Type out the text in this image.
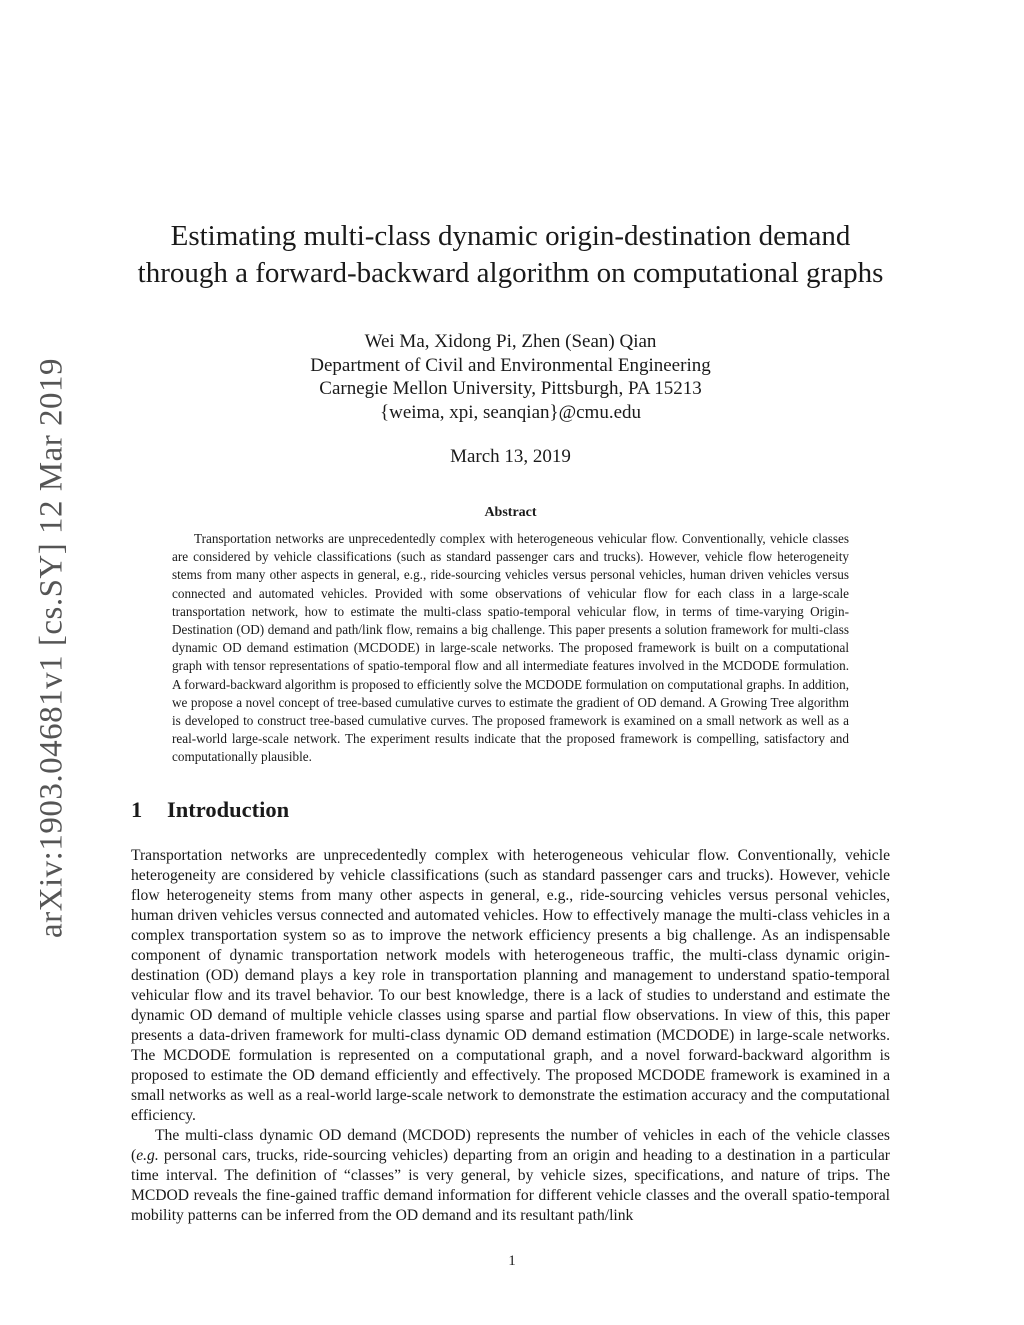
arXiv:1903.04681v1 [cs.SY] 12 Mar 2019
Estimating multi-class dynamic origin-destination demand
through a forward-backward algorithm on computational graphs
Wei Ma, Xidong Pi, Zhen (Sean) Qian
Department of Civil and Environmental Engineering
Carnegie Mellon University, Pittsburgh, PA 15213
{weima, xpi, seanqian}@cmu.edu
March 13, 2019
Abstract
Transportation networks are unprecedentedly complex with heterogeneous vehicular flow. Conventionally, vehicle classes are considered by vehicle classifications (such as standard passenger cars and trucks). However, vehicle flow heterogeneity stems from many other aspects in general, e.g., ride-sourcing vehicles versus personal vehicles, human driven vehicles versus connected and automated vehicles. Provided with some observations of vehicular flow for each class in a large-scale transportation network, how to estimate the multi-class spatio-temporal vehicular flow, in terms of time-varying Origin-Destination (OD) demand and path/link flow, remains a big challenge. This paper presents a solution framework for multi-class dynamic OD demand estimation (MCDODE) in large-scale networks. The proposed framework is built on a computational graph with tensor representations of spatio-temporal flow and all intermediate features involved in the MCDODE formulation. A forward-backward algorithm is proposed to efficiently solve the MCDODE formulation on computational graphs. In addition, we propose a novel concept of tree-based cumulative curves to estimate the gradient of OD demand. A Growing Tree algorithm is developed to construct tree-based cumulative curves. The proposed framework is examined on a small network as well as a real-world large-scale network. The experiment results indicate that the proposed framework is compelling, satisfactory and computationally plausible.
1 Introduction
Transportation networks are unprecedentedly complex with heterogeneous vehicular flow. Conventionally, vehicle heterogeneity are considered by vehicle classifications (such as standard passenger cars and trucks). However, vehicle flow heterogeneity stems from many other aspects in general, e.g., ride-sourcing vehicles versus personal vehicles, human driven vehicles versus connected and automated vehicles. How to effectively manage the multi-class vehicles in a complex transportation system so as to improve the network efficiency presents a big challenge. As an indispensable component of dynamic transportation network models with heterogeneous traffic, the multi-class dynamic origin-destination (OD) demand plays a key role in transportation planning and management to understand spatio-temporal vehicular flow and its travel behavior. To our best knowledge, there is a lack of studies to understand and estimate the dynamic OD demand of multiple vehicle classes using sparse and partial flow observations. In view of this, this paper presents a data-driven framework for multi-class dynamic OD demand estimation (MCDODE) in large-scale networks. The MCDODE formulation is represented on a computational graph, and a novel forward-backward algorithm is proposed to estimate the OD demand efficiently and effectively. The proposed MCDODE framework is examined in a small networks as well as a real-world large-scale network to demonstrate the estimation accuracy and the computational efficiency.
The multi-class dynamic OD demand (MCDOD) represents the number of vehicles in each of the vehicle classes (e.g. personal cars, trucks, ride-sourcing vehicles) departing from an origin and heading to a destination in a particular time interval. The definition of “classes” is very general, by vehicle sizes, specifications, and nature of trips. The MCDOD reveals the fine-gained traffic demand information for different vehicle classes and the overall spatio-temporal mobility patterns can be inferred from the OD demand and its resultant path/link
1
